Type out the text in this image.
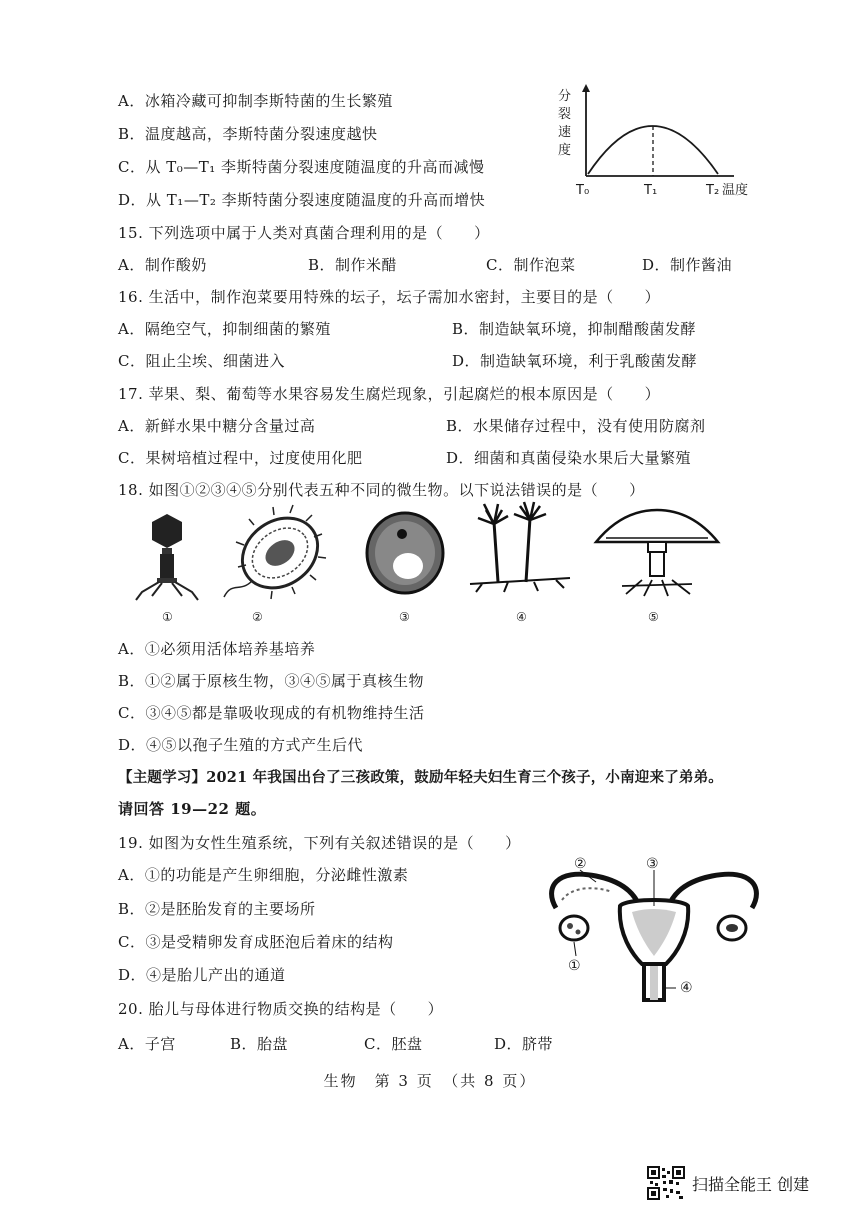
A．冰箱冷藏可抑制李斯特菌的生长繁殖
B．温度越高，李斯特菌分裂速度越快
C．从 T₀—T₁ 李斯特菌分裂速度随温度的升高而减慢
D．从 T₁—T₂ 李斯特菌分裂速度随温度的升高而增快
分
裂
速
度
T₀	T₁	T₂ 温度
15. 下列选项中属于人类对真菌合理利用的是（　　）
A．制作酸奶	B．制作米醋	C．制作泡菜	D．制作酱油
16. 生活中，制作泡菜要用特殊的坛子，坛子需加水密封，主要目的是（　　）
A．隔绝空气，抑制细菌的繁殖	B．制造缺氧环境，抑制醋酸菌发酵
C．阻止尘埃、细菌进入	D．制造缺氧环境，利于乳酸菌发酵
17. 苹果、梨、葡萄等水果容易发生腐烂现象，引起腐烂的根本原因是（　　）
A．新鲜水果中糖分含量过高	B．水果储存过程中，没有使用防腐剂
C．果树培植过程中，过度使用化肥	D．细菌和真菌侵染水果后大量繁殖
18. 如图①②③④⑤分别代表五种不同的微生物。以下说法错误的是（　　）
①	②	③	④	⑤
A．①必须用活体培养基培养
B．①②属于原核生物，③④⑤属于真核生物
C．③④⑤都是靠吸收现成的有机物维持生活
D．④⑤以孢子生殖的方式产生后代
【主题学习】2021 年我国出台了三孩政策，鼓励年轻夫妇生育三个孩子，小南迎来了弟弟。
请回答 19—22 题。
19. 如图为女性生殖系统，下列有关叙述错误的是（　　）
A．①的功能是产生卵细胞，分泌雌性激素
B．②是胚胎发育的主要场所
C．③是受精卵发育成胚泡后着床的结构
D．④是胎儿产出的通道
②	③
①
④
20. 胎儿与母体进行物质交换的结构是（　　）
A．子宫	B．胎盘	C．胚盘	D．脐带
生物　第 3 页　（共 8 页）
扫描全能王 创建
